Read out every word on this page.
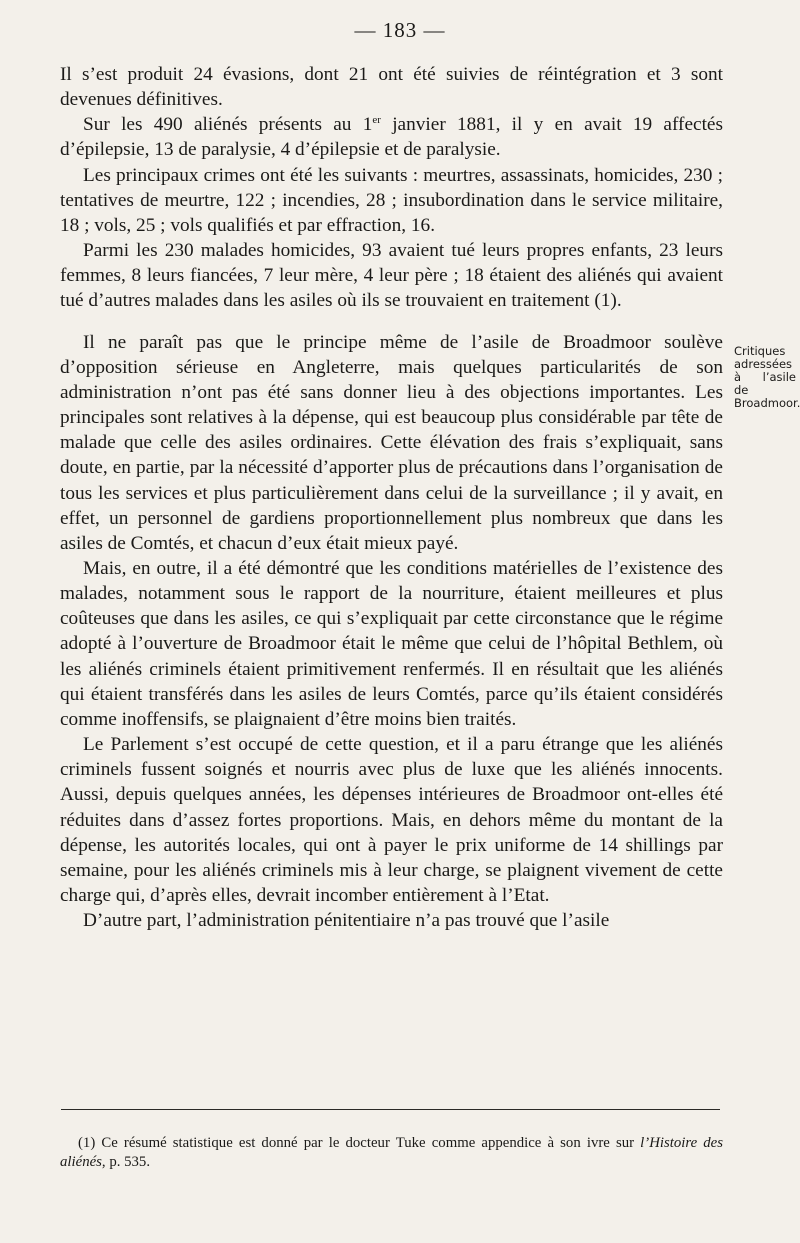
— 183 —

Il s’est produit 24 évasions, dont 21 ont été suivies de réintégration et 3 sont devenues définitives.

Sur les 490 aliénés présents au 1er janvier 1881, il y en avait 19 affectés d’épilepsie, 13 de paralysie, 4 d’épilepsie et de paralysie.

Les principaux crimes ont été les suivants : meurtres, assassinats, homicides, 230 ; tentatives de meurtre, 122 ; incendies, 28 ; insubordination dans le service militaire, 18 ; vols, 25 ; vols qualifiés et par effraction, 16.

Parmi les 230 malades homicides, 93 avaient tué leurs propres enfants, 23 leurs femmes, 8 leurs fiancées, 7 leur mère, 4 leur père ; 18 étaient des aliénés qui avaient tué d’autres malades dans les asiles où ils se trouvaient en traitement (1).

Il ne paraît pas que le principe même de l’asile de Broadmoor soulève d’opposition sérieuse en Angleterre, mais quelques particularités de son administration n’ont pas été sans donner lieu à des objections importantes. Les principales sont relatives à la dépense, qui est beaucoup plus considérable par tête de malade que celle des asiles ordinaires. Cette élévation des frais s’expliquait, sans doute, en partie, par la nécessité d’apporter plus de précautions dans l’organisation de tous les services et plus particulièrement dans celui de la surveillance ; il y avait, en effet, un personnel de gardiens proportionnellement plus nombreux que dans les asiles de Comtés, et chacun d’eux était mieux payé.

Mais, en outre, il a été démontré que les conditions matérielles de l’existence des malades, notamment sous le rapport de la nourriture, étaient meilleures et plus coûteuses que dans les asiles, ce qui s’expliquait par cette circonstance que le régime adopté à l’ouverture de Broadmoor était le même que celui de l’hôpital Bethlem, où les aliénés criminels étaient primitivement renfermés. Il en résultait que les aliénés qui étaient transférés dans les asiles de leurs Comtés, parce qu’ils étaient considérés comme inoffensifs, se plaignaient d’être moins bien traités.

Le Parlement s’est occupé de cette question, et il a paru étrange que les aliénés criminels fussent soignés et nourris avec plus de luxe que les aliénés innocents. Aussi, depuis quelques années, les dépenses intérieures de Broadmoor ont-elles été réduites dans d’assez fortes proportions. Mais, en dehors même du montant de la dépense, les autorités locales, qui ont à payer le prix uniforme de 14 shillings par semaine, pour les aliénés criminels mis à leur charge, se plaignent vivement de cette charge qui, d’après elles, devrait incomber entièrement à l’Etat.

D’autre part, l’administration pénitentiaire n’a pas trouvé que l’asile

Critiques adressées à l’asile de Broadmoor.
(1) Ce résumé statistique est donné par le docteur Tuke comme appendice à son ivre sur l’Histoire des aliénés, p. 535.
